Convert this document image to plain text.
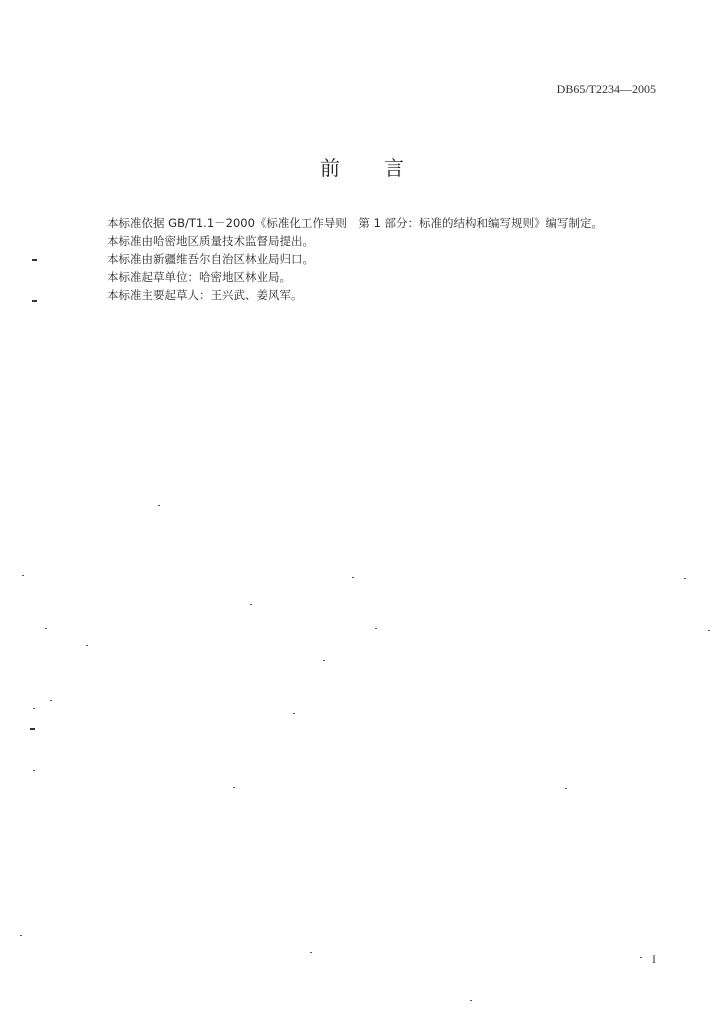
DB65/T2234—2005
前言
本标准依据 GB/T1.1－2000《标准化工作导则　第 1 部分：标准的结构和编写规则》编写制定。
本标准由哈密地区质量技术监督局提出。
本标准由新疆维吾尔自治区林业局归口。
本标准起草单位：哈密地区林业局。
本标准主要起草人：王兴武、姜风军。
I
